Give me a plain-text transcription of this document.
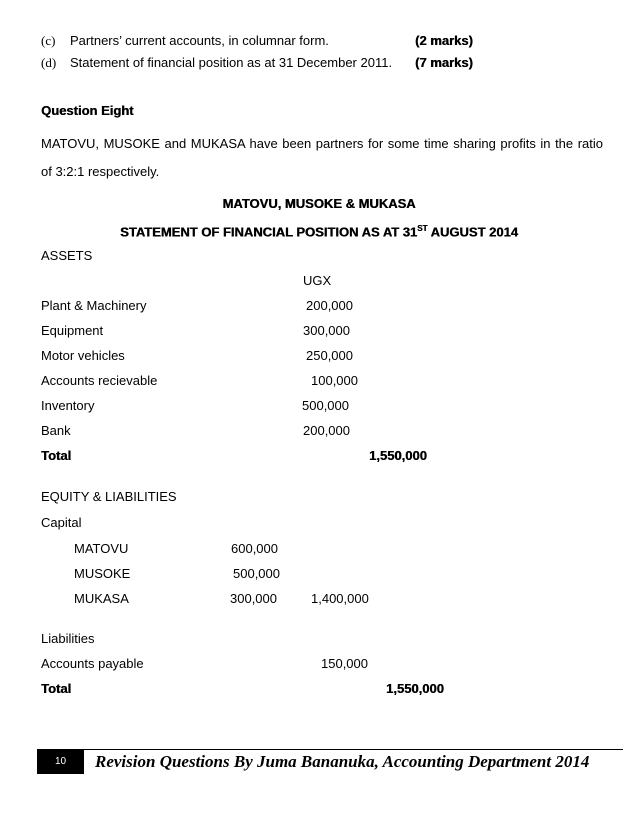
(c) Partners’ current accounts, in columnar form.	(2 marks)
(d) Statement of financial position as at 31 December 2011. (7 marks)
Question Eight
MATOVU, MUSOKE and MUKASA have been partners for some time sharing profits in the ratio of 3:2:1 respectively.
MATOVU, MUSOKE & MUKASA
STATEMENT OF FINANCIAL POSITION AS AT 31ST AUGUST 2014
ASSETS
UGX
Plant & Machinery	200,000
Equipment	300,000
Motor vehicles	250,000
Accounts recievable	100,000
Inventory	500,000
Bank	200,000
Total	1,550,000
EQUITY & LIABILITIES
Capital
MATOVU	600,000
MUSOKE	500,000
MUKASA	300,000	1,400,000
Liabilities
Accounts payable	150,000
Total	1,550,000
10	Revision Questions By Juma Bananuka, Accounting Department 2014
